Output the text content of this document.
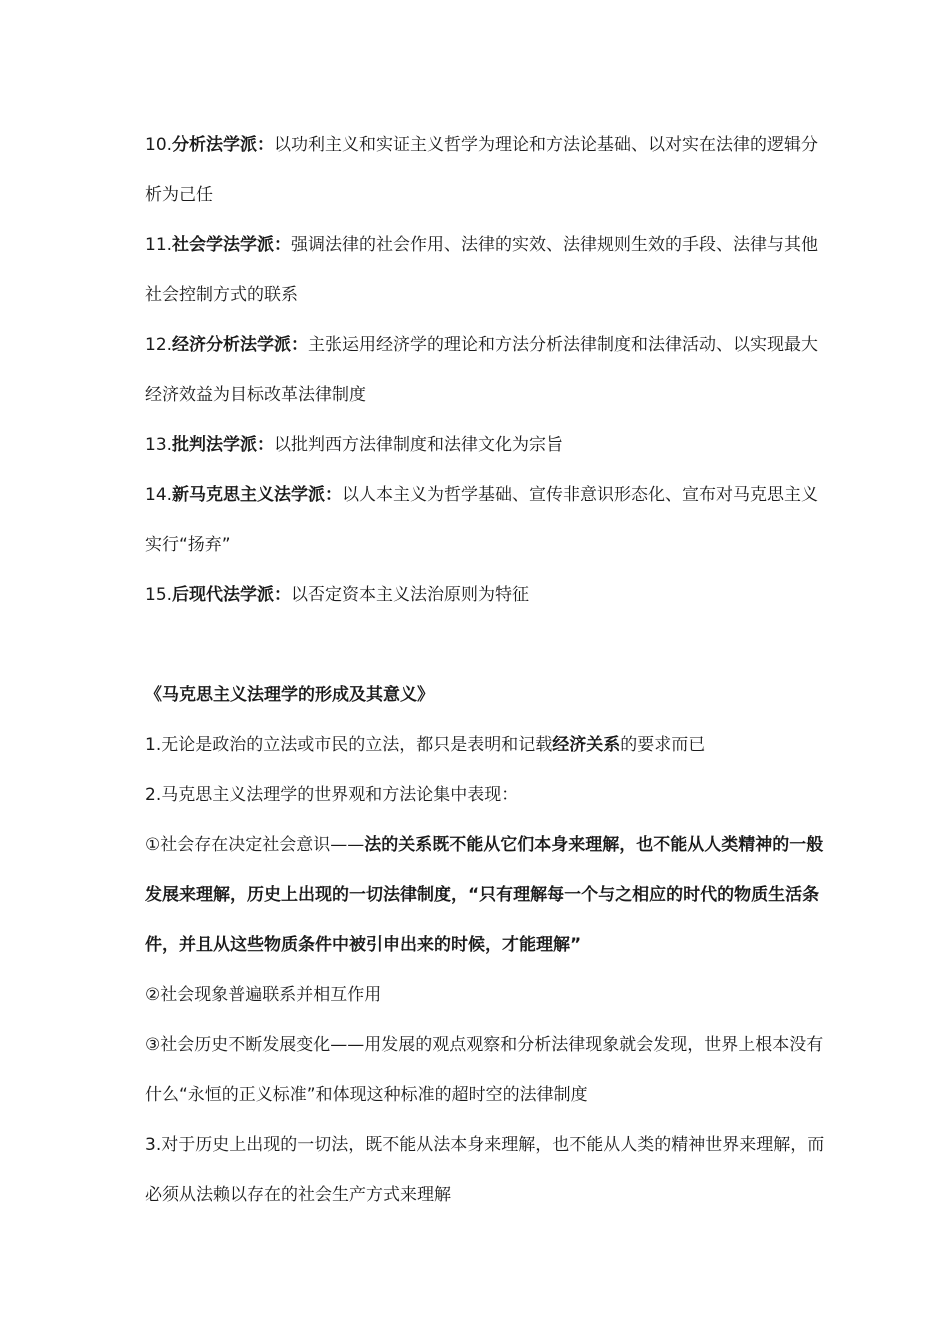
10.分析法学派：以功利主义和实证主义哲学为理论和方法论基础、以对实在法律的逻辑分析为己任

11.社会学法学派：强调法律的社会作用、法律的实效、法律规则生效的手段、法律与其他社会控制方式的联系

12.经济分析法学派：主张运用经济学的理论和方法分析法律制度和法律活动、以实现最大经济效益为目标改革法律制度

13.批判法学派：以批判西方法律制度和法律文化为宗旨

14.新马克思主义法学派：以人本主义为哲学基础、宣传非意识形态化、宣布对马克思主义实行“扬弃”

15.后现代法学派：以否定资本主义法治原则为特征

《马克思主义法理学的形成及其意义》

1.无论是政治的立法或市民的立法，都只是表明和记载经济关系的要求而已

2.马克思主义法理学的世界观和方法论集中表现：

①社会存在决定社会意识——法的关系既不能从它们本身来理解，也不能从人类精神的一般发展来理解，历史上出现的一切法律制度，“只有理解每一个与之相应的时代的物质生活条件，并且从这些物质条件中被引申出来的时候，才能理解”

②社会现象普遍联系并相互作用

③社会历史不断发展变化——用发展的观点观察和分析法律现象就会发现，世界上根本没有什么“永恒的正义标准”和体现这种标准的超时空的法律制度

3.对于历史上出现的一切法，既不能从法本身来理解，也不能从人类的精神世界来理解，而必须从法赖以存在的社会生产方式来理解
